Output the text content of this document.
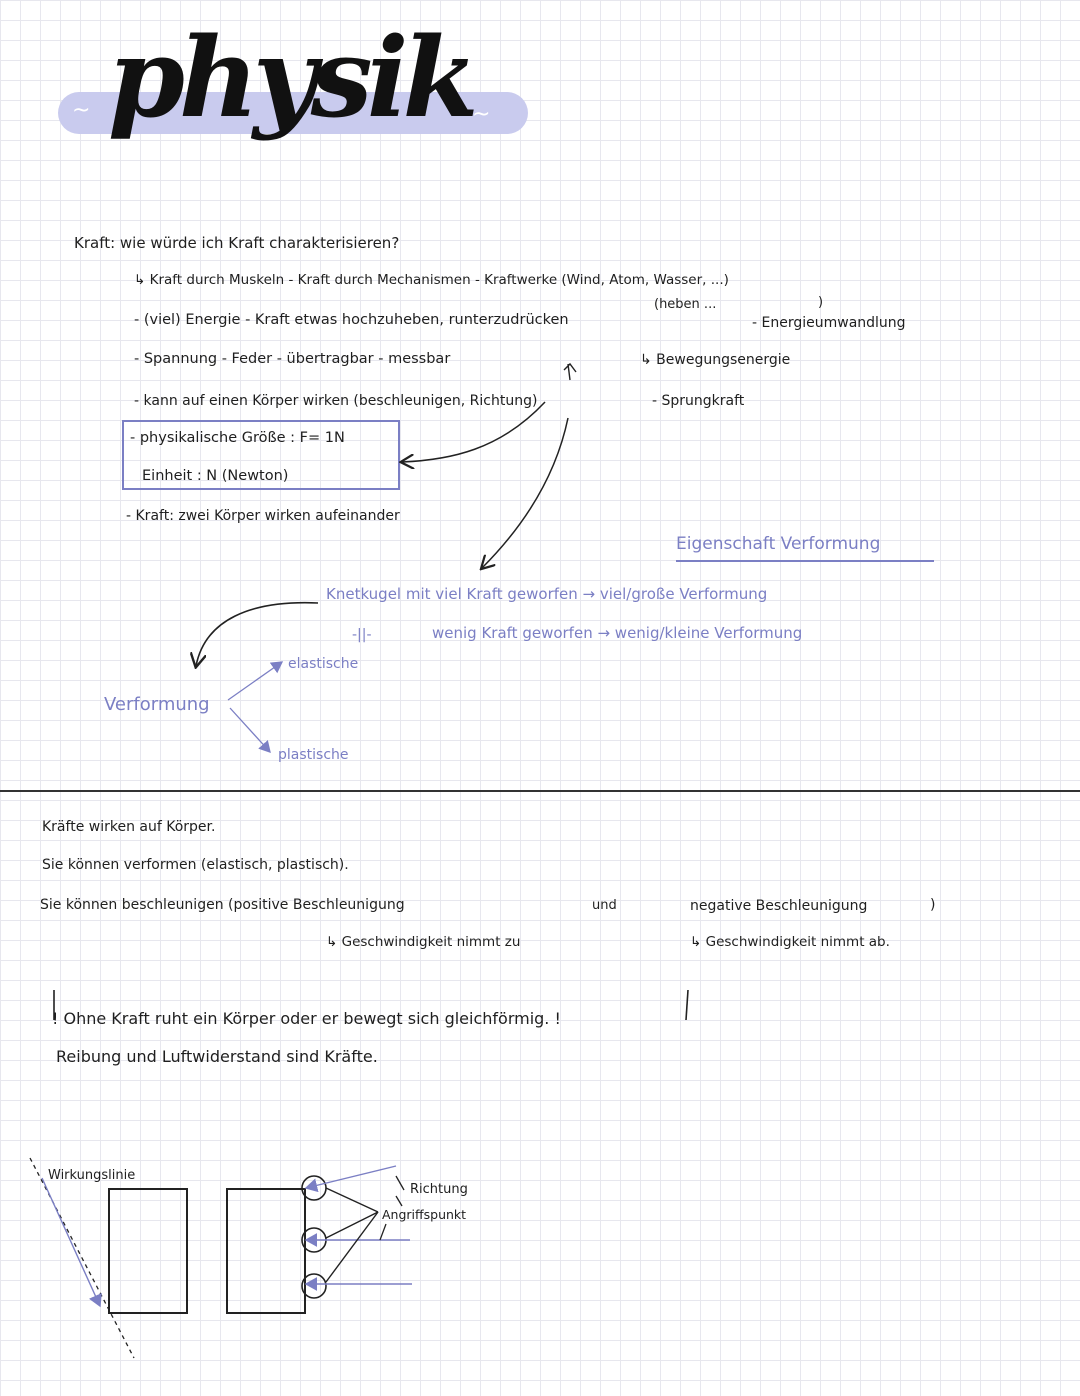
~	~
physik
Kraft: wie würde ich Kraft charakterisieren?
↳ Kraft durch Muskeln - Kraft durch Mechanismen - Kraftwerke (Wind, Atom, Wasser, ...)
(heben ...	)
- (viel) Energie - Kraft etwas hochzuheben, runterzudrücken	- Energieumwandlung
- Spannung - Feder - übertragbar - messbar	↳ Bewegungsenergie
- kann auf einen Körper wirken (beschleunigen, Richtung)	- Sprungkraft
- physikalische Größe : F= 1N
Einheit : N (Newton)
- Kraft: zwei Körper wirken aufeinander
Eigenschaft Verformung
Knetkugel mit viel Kraft geworfen → viel/große Verformung
-||-	wenig Kraft geworfen → wenig/kleine Verformung
Verformung
elastische
plastische
Kräfte wirken auf Körper.
Sie können verformen (elastisch, plastisch).
Sie können beschleunigen (positive Beschleunigung	und	negative Beschleunigung	)
↳ Geschwindigkeit nimmt zu	↳ Geschwindigkeit nimmt ab.
! Ohne Kraft ruht ein Körper oder er bewegt sich gleichförmig. !
Reibung und Luftwiderstand sind Kräfte.
Wirkungslinie
Richtung
Angriffspunkt
